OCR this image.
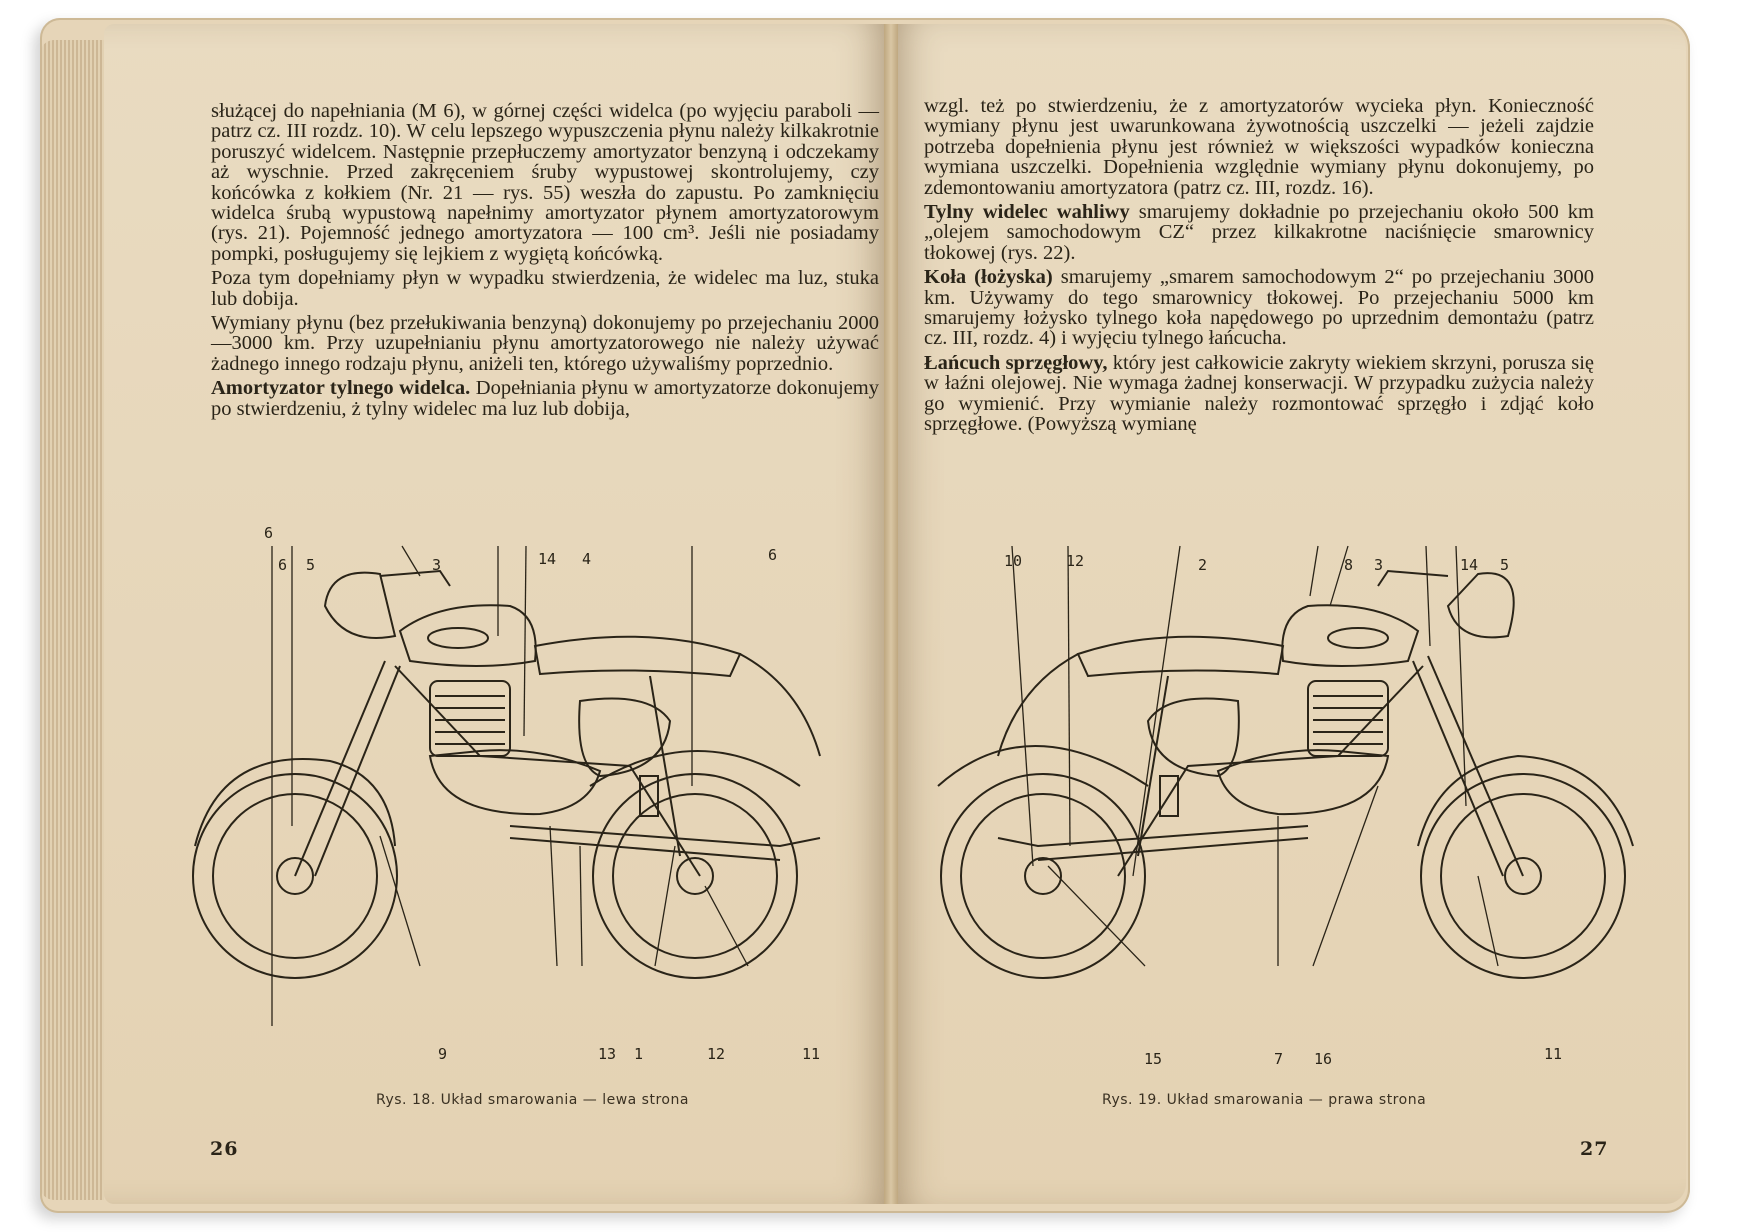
służącej do napełniania (M 6), w górnej części widelca (po wyjęciu paraboli — patrz cz. III rozdz. 10). W celu lepszego wypuszczenia płynu należy kilkakrotnie poruszyć widelcem. Następnie przepłuczemy amortyzator benzyną i odczekamy aż wyschnie. Przed zakręceniem śruby wypustowej skontrolujemy, czy końcówka z kołkiem (Nr. 21 — rys. 55) weszła do zapustu. Po zamknięciu widelca śrubą wypustową napełnimy amortyzator płynem amortyzatorowym (rys. 21). Pojemność jednego amortyzatora — 100 cm³. Jeśli nie posiadamy pompki, posługujemy się lejkiem z wygiętą końcówką.

Poza tym dopełniamy płyn w wypadku stwierdzenia, że widelec ma luz, stuka lub dobija.

Wymiany płynu (bez przełukiwania benzyną) dokonujemy po przejechaniu 2000—3000 km. Przy uzupełnianiu płynu amortyzatorowego nie należy używać żadnego innego rodzaju płynu, aniżeli ten, którego używaliśmy poprzednio.

Amortyzator tylnego widelca. Dopełniania płynu w amortyzatorze dokonujemy po stwierdzeniu, ż tylny widelec ma luz lub dobija,

6
6 5	3	14 4	6
9	13 1	12	11
Rys. 18. Układ smarowania — lewa strona
26

wzgl. też po stwierdzeniu, że z amortyzatorów wycieka płyn. Konieczność wymiany płynu jest uwarunkowana żywotnością uszczelki — jeżeli zajdzie potrzeba dopełnienia płynu jest również w większości wypadków konieczna wymiana uszczelki. Dopełnienia względnie wymiany płynu dokonujemy, po zdemontowaniu amortyzatora (patrz cz. III, rozdz. 16).

Tylny widelec wahliwy smarujemy dokładnie po przejechaniu około 500 km „olejem samochodowym CZ“ przez kilkakrotne naciśnięcie smarownicy tłokowej (rys. 22).

Koła (łożyska) smarujemy „smarem samochodowym 2“ po przejechaniu 3000 km. Używamy do tego smarownicy tłokowej. Po przejechaniu 5000 km smarujemy łożysko tylnego koła napędowego po uprzednim demontażu (patrz cz. III, rozdz. 4) i wyjęciu tylnego łańcucha.

Łańcuch sprzęgłowy, który jest całkowicie zakryty wiekiem skrzyni, porusza się w łaźni olejowej. Nie wymaga żadnej konserwacji. W przypadku zużycia należy go wymienić. Przy wymianie należy rozmontować sprzęgło i zdjąć koło sprzęgłowe. (Powyższą wymianę

10	12	2	8 3	14 5
15	7 16	11
Rys. 19. Układ smarowania — prawa strona
27
